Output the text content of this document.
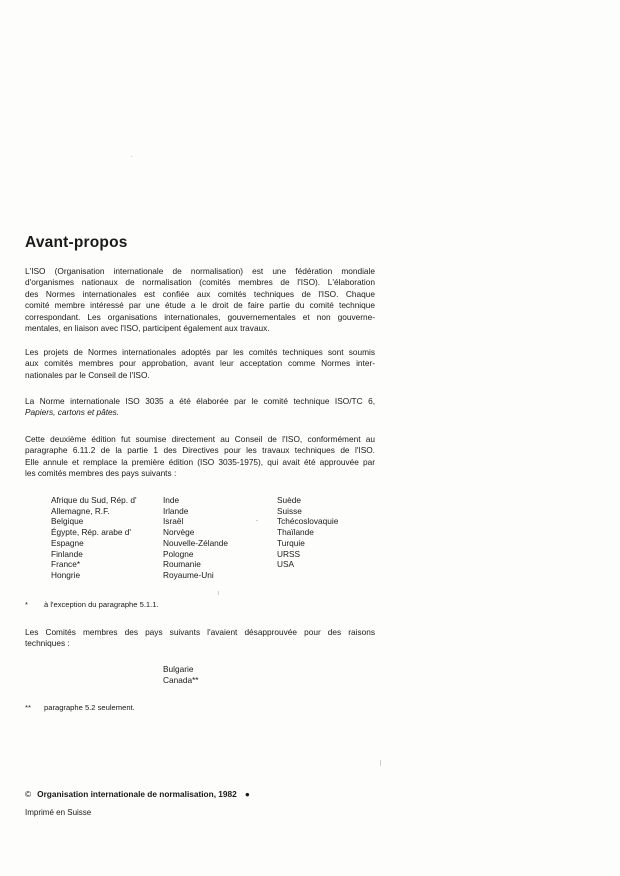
Avant-propos

L'ISO (Organisation internationale de normalisation) est une fédération mondiale
d'organismes nationaux de normalisation (comités membres de l'ISO). L'élaboration
des Normes internationales est confiée aux comités techniques de l'ISO. Chaque
comité membre intéressé par une étude a le droit de faire partie du comité technique
correspondant. Les organisations internationales, gouvernementales et non gouverne-
mentales, en liaison avec l'ISO, participent également aux travaux.

Les projets de Normes internationales adoptés par les comités techniques sont soumis
aux comités membres pour approbation, avant leur acceptation comme Normes inter-
nationales par le Conseil de l'ISO.

La Norme internationale ISO 3035 a été élaborée par le comité technique ISO/TC 6,
Papiers, cartons et pâtes.

Cette deuxième édition fut soumise directement au Conseil de l'ISO, conformément au
paragraphe 6.11.2 de la partie 1 des Directives pour les travaux techniques de l'ISO.
Elle annule et remplace la première édition (ISO 3035-1975), qui avait été approuvée par
les comités membres des pays suivants :

Afrique du Sud, Rép. d'
Allemagne, R.F.
Belgique
Égypte, Rép. arabe d'
Espagne
Finlande
France*
Hongrie
Inde
Irlande
Israël
Norvège
Nouvelle-Zélande
Pologne
Roumanie
Royaume-Uni
Suède
Suisse
Tchécoslovaquie
Thaïlande
Turquie
URSS
USA
* à l'exception du paragraphe 5.1.1.

Les Comités membres des pays suivants l'avaient désapprouvée pour des raisons
techniques :

Bulgarie
Canada**
** paragraphe 5.2 seulement.
© Organisation internationale de normalisation, 1982 ●
Imprimé en Suisse
